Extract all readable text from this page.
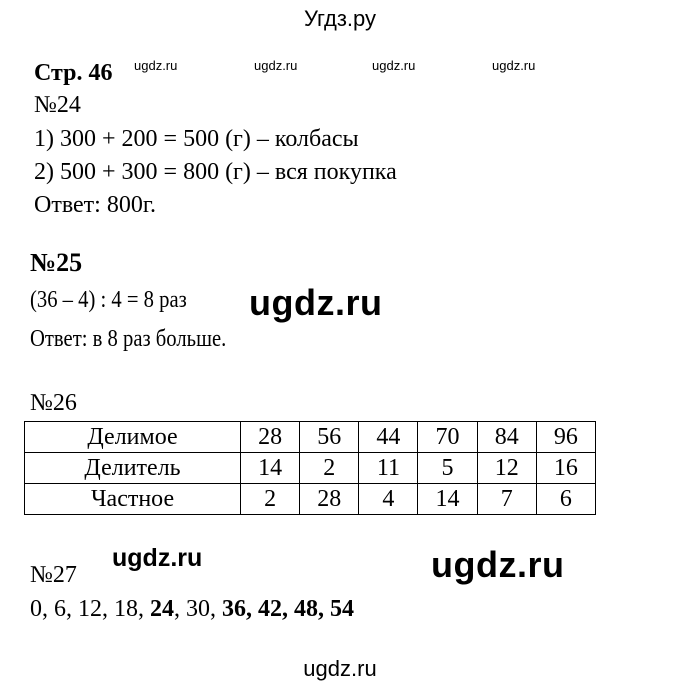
Угдз.ру
ugdz.ru	ugdz.ru	ugdz.ru	ugdz.ru
Стр. 46
№24
1) 300 + 200 = 500 (г) – колбасы
2) 500 + 300 = 800 (г) – вся покупка
Ответ: 800г.
№25
(36 – 4) : 4 = 8 раз
Ответ: в 8 раз больше.
ugdz.ru
№26
Делимое	28	56	44	70	84	96
Делитель	14	2	11	5	12	16
Частное	2	28	4	14	7	6
ugdz.ru	ugdz.ru
№27
0, 6, 12, 18, 24, 30, 36, 42, 48, 54
ugdz.ru
